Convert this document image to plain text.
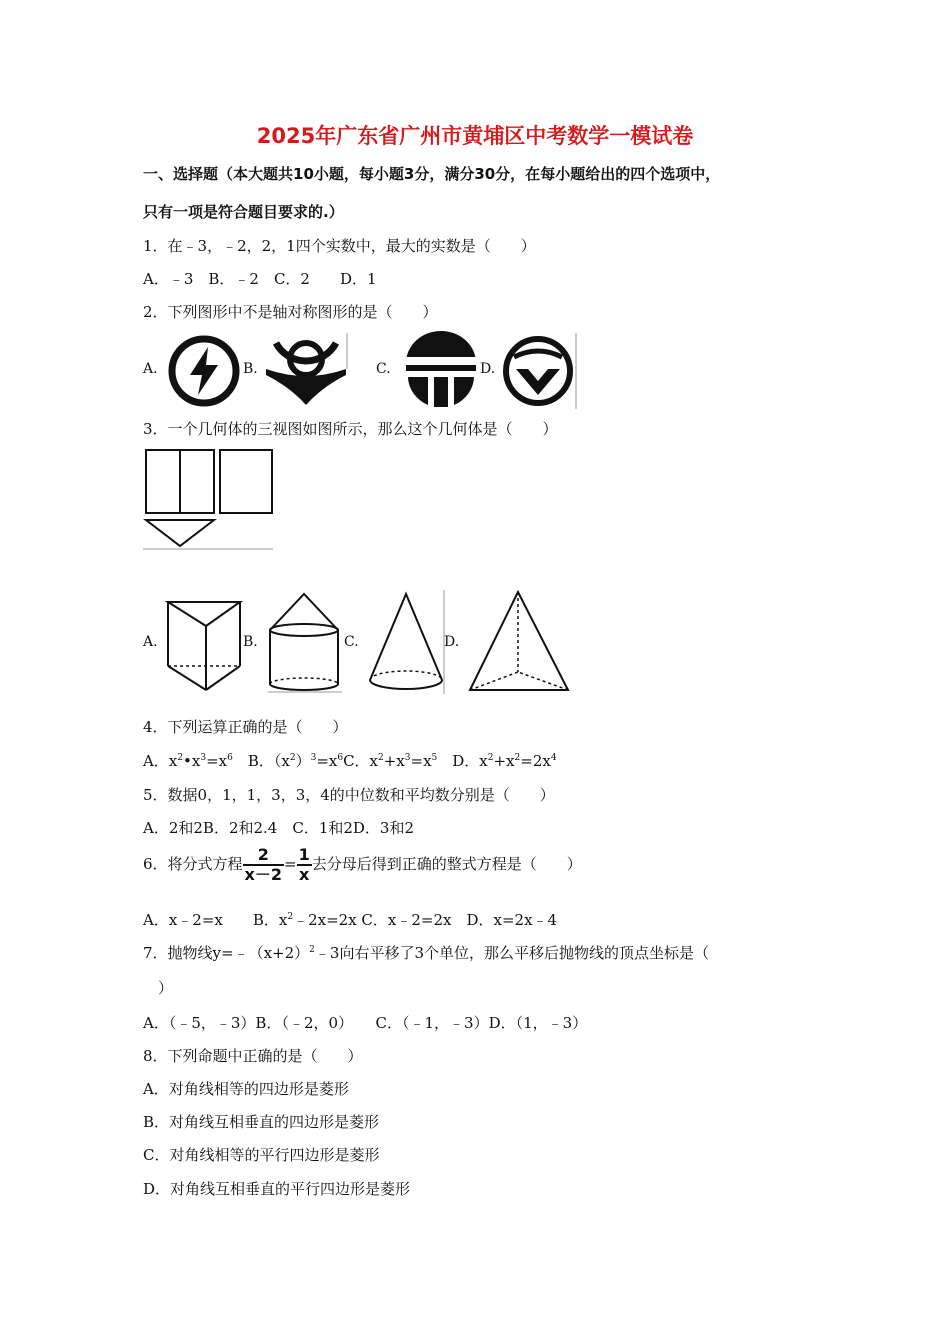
2025年广东省广州市黄埔区中考数学一模试卷
一、选择题（本大题共10小题，每小题3分，满分30分，在每小题给出的四个选项中，
只有一项是符合题目要求的.）
1．在﹣3，﹣2，2，1四个实数中，最大的实数是（　　）
A．﹣3　B．﹣2　C．2　　D．1
2．下列图形中不是轴对称图形的是（　　）
A.	B.	C.	D.
3．一个几何体的三视图如图所示，那么这个几何体是（　　）
A.	B.	C.	D.
4．下列运算正确的是（　　）
A．$x^2•x^3=x^6$　B．$(x^2)^3=x^6C$．$x^2+x^3=x^5$　D．$x^2+x^2=2x^4$
5．数据0，1，1，3，3，4的中位数和平均数分别是（　　）
A．2和2B．2和2.4　C．1和2D．3和2
6．将分式方程 $\frac{2}{x-2} = \frac{1}{x}$ 去分母后得到正确的整式方程是（　　）
A．x﹣2=x　　B．$x^2﹣2x=2x$ C．x﹣2=2x　D．x=2x﹣4
7．抛物线$y=﹣(x+2)^2﹣3$向右平移了3个单位，那么平移后抛物线的顶点坐标是（
　）
A．（﹣5，﹣3）B．（﹣2，0）　　C．（﹣1，﹣3）D．（1，﹣3）
8．下列命题中正确的是（　　）
A．对角线相等的四边形是菱形
B．对角线互相垂直的四边形是菱形
C．对角线相等的平行四边形是菱形
D．对角线互相垂直的平行四边形是菱形
